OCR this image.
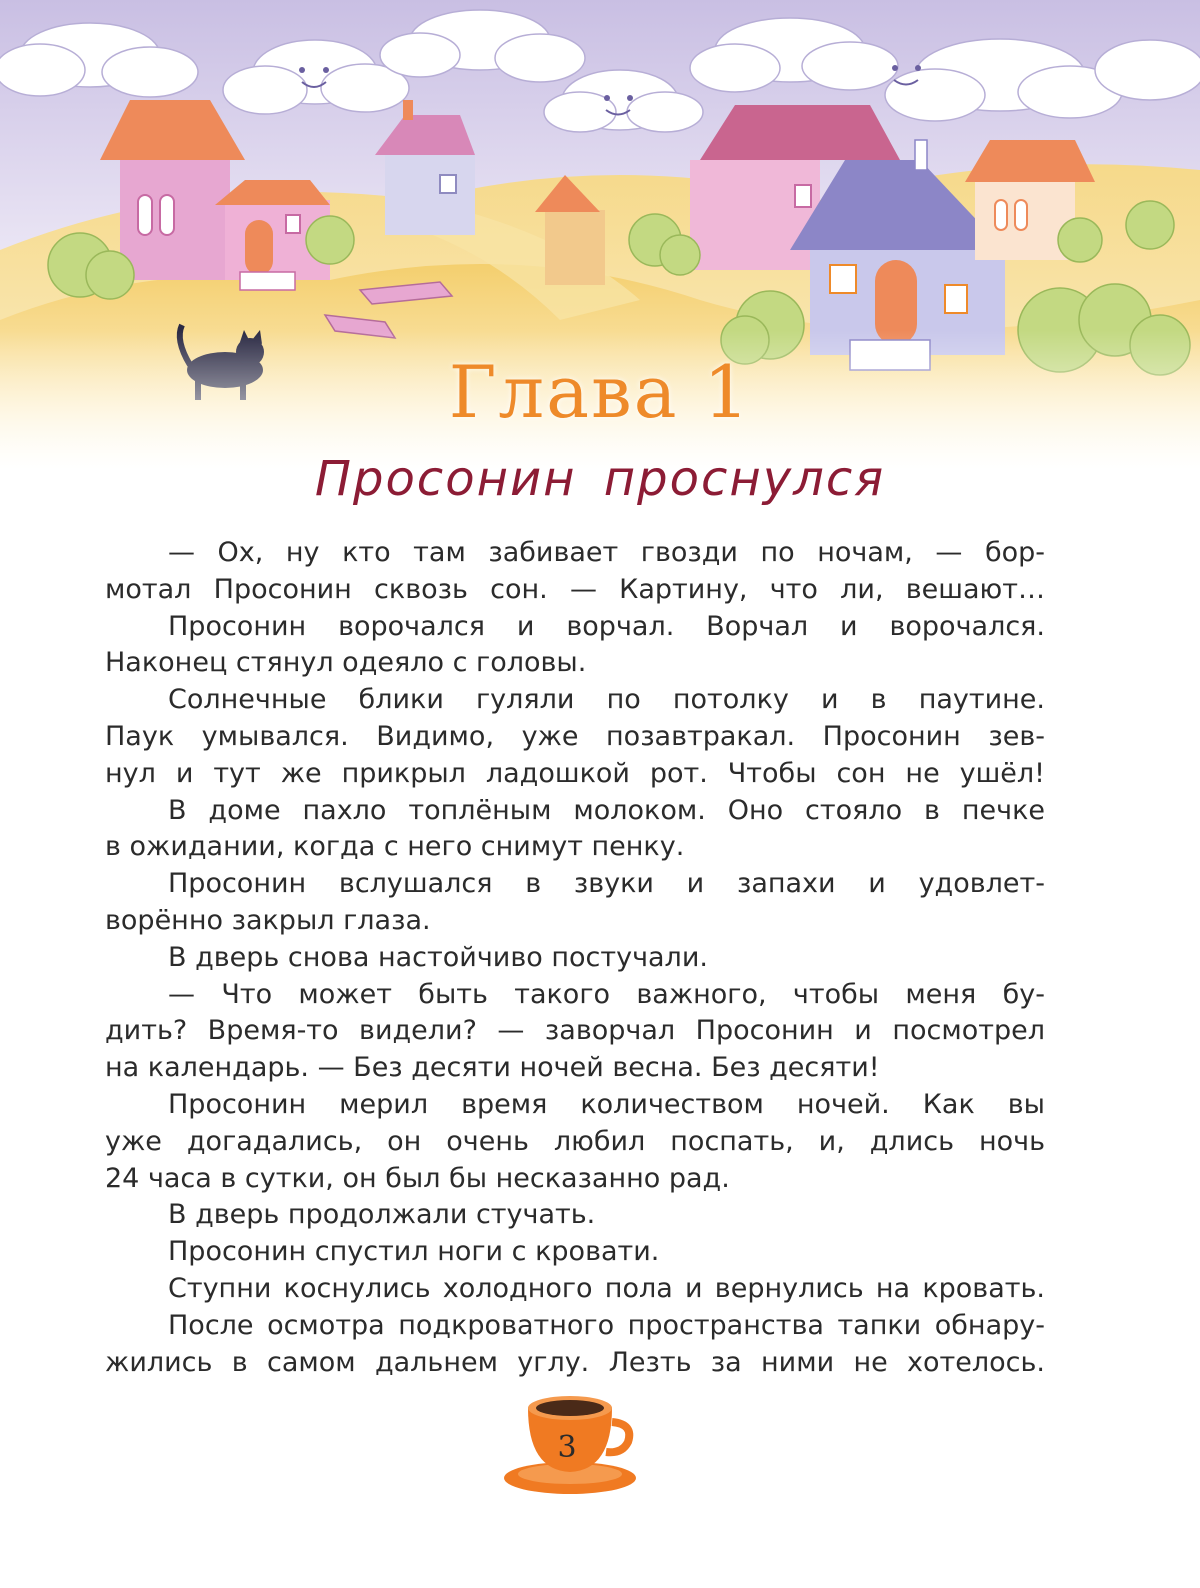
Глава 1
Просонин проснулся
— Ох, ну кто там забивает гвозди по ночам, — бор-
мотал Просонин сквозь сон. — Картину, что ли, вешают…
Просонин ворочался и ворчал. Ворчал и ворочался.
Наконец стянул одеяло с головы.
Солнечные блики гуляли по потолку и в паутине.
Паук умывался. Видимо, уже позавтракал. Просонин зев-
нул и тут же прикрыл ладошкой рот. Чтобы сон не ушёл!
В доме пахло топлёным молоком. Оно стояло в печке
в ожидании, когда с него снимут пенку.
Просонин вслушался в звуки и запахи и удовлет-
ворённо закрыл глаза.
В дверь снова настойчиво постучали.
— Что может быть такого важного, чтобы меня бу-
дить? Время-то видели? — заворчал Просонин и посмотрел
на календарь. — Без десяти ночей весна. Без десяти!
Просонин мерил время количеством ночей. Как вы
уже догадались, он очень любил поспать, и, длись ночь
24 часа в сутки, он был бы несказанно рад.
В дверь продолжали стучать.
Просонин спустил ноги с кровати.
Ступни коснулись холодного пола и вернулись на кровать.
После осмотра подкроватного пространства тапки обнару-
жились в самом дальнем углу. Лезть за ними не хотелось.
3
